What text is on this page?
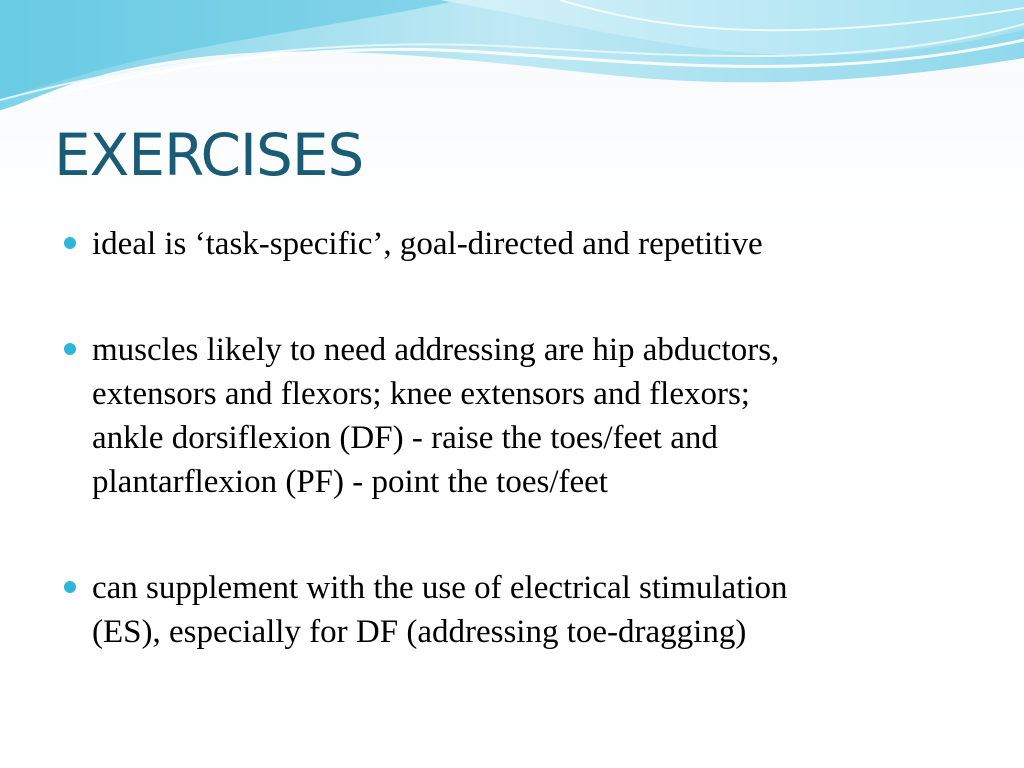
EXERCISES
ideal is ‘task-specific’, goal-directed and repetitive
muscles likely to need addressing are hip abductors,
extensors and flexors; knee extensors and flexors;
ankle dorsiflexion (DF) - raise the toes/feet and
plantarflexion (PF) - point the toes/feet
can supplement with the use of electrical stimulation
(ES), especially for DF (addressing toe-dragging)
